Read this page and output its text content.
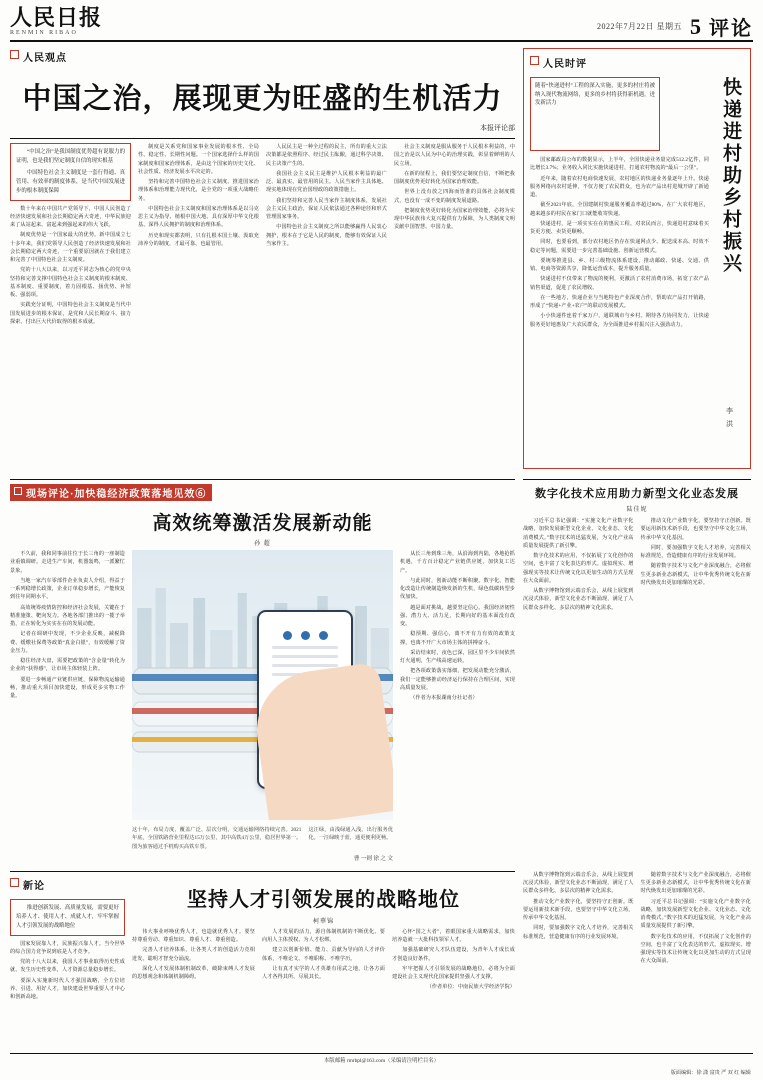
人民日报
RENMIN RIBAO
2022年7月22日 星期五 5 评论
人民观点
中国之治，展现更为旺盛的生机活力
本报评论部

“中国之治”是我国制度优势超有说服力的证明，也是我们坚定制度自信的现实根基

中国特色社会主义制度是一套行得通、真管用、有效率的制度体系，是当代中国发展进步的根本制度保障

数十年来在中国共产党领导下，中国人民创造了经济快速发展和社会长期稳定两大奇迹，中华民族迎来了从站起来、富起来到强起来的伟大飞跃。

制度优势是一个国家最大的优势。新中国成立七十多年来，我们党领导人民创造了经济快速发展和社会长期稳定两大奇迹，一个重要原因就在于我们建立和完善了中国特色社会主义制度。

党的十八大以来，以习近平同志为核心的党中央坚持和完善支撑中国特色社会主义制度的根本制度、基本制度、重要制度，着力固根基、扬优势、补短板、强弱项。

实践充分证明，中国特色社会主义制度是当代中国发展进步的根本保证，是党和人民长期奋斗、接力探索、付出巨大代价取得的根本成就。

制度是关系党和国家事业发展的根本性、全局性、稳定性、长期性问题。一个国家选择什么样的国家制度和国家治理体系，是由这个国家的历史文化、社会性质、经济发展水平决定的。

坚持和完善中国特色社会主义制度、推进国家治理体系和治理能力现代化，是全党的一项重大战略任务。

中国特色社会主义制度和国家治理体系是以马克思主义为指导、植根中国大地、具有深厚中华文化根基、深得人民拥护的制度和治理体系。

历史和现实都表明，只有扎根本国土壤、汲取充沛养分的制度，才最可靠、也最管用。

人民民主是一种全过程的民主，所有的重大立法决策都是依照程序、经过民主酝酿，通过科学决策、民主决策产生的。

我国社会主义民主是维护人民根本利益的最广泛、最真实、最管用的民主。人民当家作主具体地、现实地体现在党治国理政的政策措施上。

我们坚持和完善人民当家作主制度体系，发展社会主义民主政治，保证人民依法通过各种途径和形式管理国家事务。

中国特色社会主义制度之所以能够赢得人民衷心拥护，根本在于它是人民的制度，能够有效保证人民当家作主。

社会主义制度是服从服务于人民根本利益的，中国之治是以人民为中心的治理实践，彰显着鲜明的人民立场。

在新的征程上，我们要坚定制度自信，不断把我国制度优势更好转化为国家治理效能。

世界上没有放之四海而皆准的具体社会制度模式，也没有一成不变的制度发展道路。

把制度优势更好转化为国家治理效能，必将为实现中华民族伟大复兴提供有力保障，为人类制度文明贡献中国智慧、中国力量。

人民时评
随着“快递进村”工程的深入实施，更多的村庄将被纳入现代物流网络，更多的乡村将获得新机遇，迸发新活力

国家邮政局公布的数据显示，上半年，全国快递业务量完成512.2亿件，同比增长3.7%；业务收入同比实施快递进村，打通农村物流的“最后一公里”。

近年来，随着农村电商快速发展，农村地区的快递业务量逐年上升。快递服务网络向农村延伸，不仅方便了农民群众，也为农产品出村进城开辟了新通道。

截至2021年底，全国建制村快递服务覆盖率超过80%，在广大农村地区，越来越多的村民在家门口就能收寄快递。

快递进村，是一项实实在在的惠民工程。对农民而言，快递进村意味着买货更方便、卖货更顺畅。

同时，也要看到，部分农村地区仍存在快递网点少、配送成本高、时效不稳定等问题，需要进一步完善基础设施、创新运营模式。

要统筹推进县、乡、村三级物流体系建设，推动邮政、快递、交通、供销、电商等资源共享，降低运营成本，提升服务质量。

快递进村不仅带来了物流的便利，更激活了农村消费市场，拓宽了农产品销售渠道，促进了农民增收。

在一些地方，快递企业与当地特色产业深度合作，帮助农产品打开销路，形成了“快递+产业+农户”的联动发展模式。

小小快递件连着千家万户，通联城市与乡村。期待各方协同发力，让快递服务更好地惠及广大农民群众，为全面推进乡村振兴注入强劲动力。

快递进村助乡村振兴
李 洪
现场评论·加快稳经济政策落地见效⑥
高效统筹激活发展新动能
孙 超

不久前，我和同事前往位于长三角的一座制造业重镇调研。走进生产车间，机器轰鸣，一派繁忙景象。

当地一家汽车零部件企业负责人介绍，得益于一系列稳增长政策，企业订单稳步增长，产能恢复到往年同期水平。

高效统筹疫情防控和经济社会发展，关键在于精准施策、靶向发力。各地各部门推出的一揽子举措，正在转化为实实在在的发展动能。

记者在调研中发现，不少企业反映，减税降费、缓缴社保费等政策“真金白银”，有效缓解了资金压力。

稳住经济大盘，需要把政策的“含金量”转化为企业的“获得感”，让市场主体轻装上阵。

要进一步畅通产业链供应链，保障物流运输通畅，推动重大项目加快建设，形成更多实物工作量。

这十年，布局力度、覆盖广泛、层次分明，交通运输网络持续完善。2021年底，全国铁路营业里程达15万公里，其中高铁4万公里，稳居世界第一。图为旅客通过手机购买高铁车票。
这汪绿，由浅绿通入浅，出行服务优化。一汪绿映于蓝，通更便利更畅。
曹 一则 徐 之 文

从长三角到珠三角，从沿海到内陆，各地抢抓机遇，千方百计稳定产业链供应链，加快复工达产。

与此同时，创新动能不断积聚。数字化、智能化改造让传统制造焕发新的生机，绿色低碳转型步伐加快。

越是面对挑战，越要坚定信心。我国经济韧性强、潜力大、活力足，长期向好的基本面没有改变。

稳预期、强信心，离不开有力有效的政策支撑，也离不开广大市场主体的拼搏奋斗。

采访结束时，夜色已深，园区里不少车间依然灯火通明，生产线高速运转。

把各项政策落实落细，把发展动能充分激活，我们一定能够推动经济运行保持在合理区间，实现高质量发展。

（作者为本报湖南分社记者）

数字化技术应用助力新型文化业态发展
陆佳妮

习近平总书记强调：“实施文化产业数字化战略，加快发展新型文化企业、文化业态、文化消费模式。”数字技术的迅猛发展，为文化产业高质量发展提供了新引擎。

数字化技术的应用，不仅拓展了文化创作的空间，也丰富了文化表达的形式。虚拟现实、增强现实等技术让传统文化以更加生动的方式呈现在大众面前。

从数字博物馆到云端音乐会，从线上展览到沉浸式体验，新型文化业态不断涌现，满足了人民群众多样化、多层次的精神文化需求。

推动文化产业数字化，要坚持守正创新。既要运用新技术新手段，也要坚守中华文化立场，传承中华文化基因。

同时，要加强数字文化人才培养，完善相关标准规范，营造健康有序的行业发展环境。

随着数字技术与文化产业深度融合，必将催生更多新业态新模式，让中华优秀传统文化在新时代焕发出更加璀璨的光彩。

新论

推进创新发展、高质量发展，需要更好培养人才、使用人才、成就人才，牢牢掌握人才引领发展的战略地位

国家发展靠人才，民族振兴靠人才。当今世界的综合国力竞争说到底是人才竞争。

党的十八大以来，我国人才事业取得历史性成就、发生历史性变革，人才资源总量稳步增长。

要深入实施新时代人才强国战略，全方位培养、引进、用好人才，加快建设世界重要人才中心和创新高地。

坚持人才引领发展的战略地位
柯華锦

伟大事业呼唤优秀人才，也造就优秀人才。要坚持尊重劳动、尊重知识、尊重人才、尊重创造。

完善人才培养体系，让各类人才的创造活力竞相迸发、聪明才智充分涌流。

深化人才发展体制机制改革，破除束缚人才发展的思想观念和体制机制障碍。

人才发展的活力，源自体制机制的不断优化。要向用人主体授权、为人才松绑。

建立以创新价值、能力、贡献为导向的人才评价体系，不唯论文、不唯职称、不唯学历。

让有真才实学的人才英雄有用武之地，让各方面人才各得其所、尽展其长。

心怀“国之大者”，着眼国家重大战略需求，加快培养造就一大批科技领军人才。

加强基础研究人才队伍建设，为青年人才成长成才创造良好条件。

牢牢把握人才引领发展的战略地位，必将为全面建设社会主义现代化国家提供坚强人才支撑。

（作者单位：中南民族大学经济学院）

从数字博物馆到云端音乐会，从线上展览到沉浸式体验，新型文化业态不断涌现，满足了人民群众多样化、多层次的精神文化需求。

推动文化产业数字化，要坚持守正创新。既要运用新技术新手段，也要坚守中华文化立场，传承中华文化基因。

同时，要加强数字文化人才培养，完善相关标准规范，营造健康有序的行业发展环境。

随着数字技术与文化产业深度融合，必将催生更多新业态新模式，让中华优秀传统文化在新时代焕发出更加璀璨的光彩。

习近平总书记强调：“实施文化产业数字化战略，加快发展新型文化企业、文化业态、文化消费模式。”数字技术的迅猛发展，为文化产业高质量发展提供了新引擎。

数字化技术的应用，不仅拓展了文化创作的空间，也丰富了文化表达的形式。虚拟现实、增强现实等技术让传统文化以更加生动的方式呈现在大众面前。

本版邮箱 rmrbpl@163.com（采编请注明栏目名）
版面编辑：徐 潇 富贵 严 双 红 编辑
